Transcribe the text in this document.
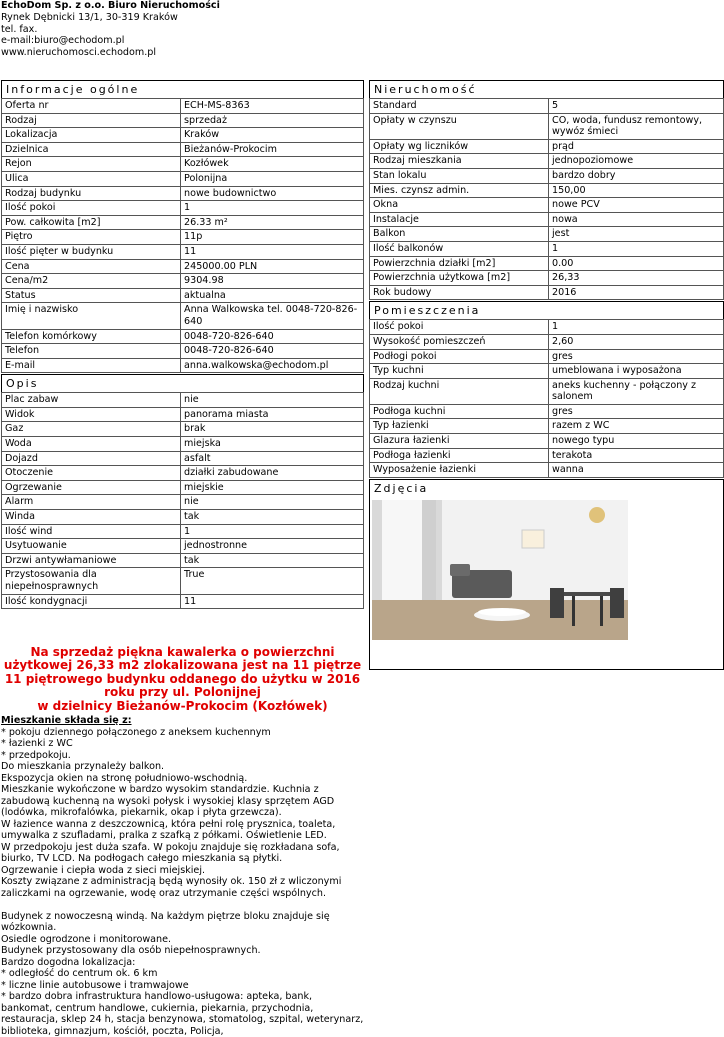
EchoDom Sp. z o.o. Biuro Nieruchomości
Rynek Dębnicki 13/1, 30-319 Kraków
tel. fax.
e-mail:biuro@echodom.pl
www.nieruchomosci.echodom.pl
Informacje ogólne
Oferta nr	ECH-MS-8363
Rodzaj	sprzedaż
Lokalizacja	Kraków
Dzielnica	Bieżanów-Prokocim
Rejon	Kozłówek
Ulica	Polonijna
Rodzaj budynku	nowe budownictwo
Ilość pokoi	1
Pow. całkowita [m2]	26.33 m²
Piętro	11p
Ilość pięter w budynku	11
Cena	245000.00 PLN
Cena/m2	9304.98
Status	aktualna
Imię i nazwisko	Anna Walkowska tel. 0048-720-826-640
Telefon komórkowy	0048-720-826-640
Telefon	0048-720-826-640
E-mail	anna.walkowska@echodom.pl
Opis
Plac zabaw	nie
Widok	panorama miasta
Gaz	brak
Woda	miejska
Dojazd	asfalt
Otoczenie	działki zabudowane
Ogrzewanie	miejskie
Alarm	nie
Winda	tak
Ilość wind	1
Usytuowanie	jednostronne
Drzwi antywłamaniowe	tak
Przystosowania dla niepełnosprawnych	True
Ilość kondygnacji	11
Nieruchomość
Standard	5
Opłaty w czynszu	CO, woda, fundusz remontowy, wywóz śmieci
Opłaty wg liczników	prąd
Rodzaj mieszkania	jednopoziomowe
Stan lokalu	bardzo dobry
Mies. czynsz admin.	150,00
Okna	nowe PCV
Instalacje	nowa
Balkon	jest
Ilość balkonów	1
Powierzchnia działki [m2]	0.00
Powierzchnia użytkowa [m2]	26,33
Rok budowy	2016
Pomieszczenia
Ilość pokoi	1
Wysokość pomieszczeń	2,60
Podłogi pokoi	gres
Typ kuchni	umeblowana i wyposażona
Rodzaj kuchni	aneks kuchenny - połączony z salonem
Podłoga kuchni	gres
Typ łazienki	razem z WC
Glazura łazienki	nowego typu
Podłoga łazienki	terakota
Wyposażenie łazienki	wanna
Zdjęcia
Na sprzedaż piękna kawalerka o powierzchni użytkowej 26,33 m2 zlokalizowana jest na 11 piętrze 11 piętrowego budynku oddanego do użytku w 2016 roku przy ul. Polonijnej
w dzielnicy Bieżanów-Prokocim (Kozłówek)
Mieszkanie składa się z:
* pokoju dziennego połączonego z aneksem kuchennym
* łazienki z WC
* przedpokoju.
Do mieszkania przynależy balkon.
Ekspozycja okien na stronę południowo-wschodnią.
Mieszkanie wykończone w bardzo wysokim standardzie. Kuchnia z zabudową kuchenną na wysoki połysk i wysokiej klasy sprzętem AGD (lodówka, mikrofalówka, piekarnik, okap i płyta grzewcza).
W łazience wanna z deszczownicą, która pełni rolę prysznica, toaleta,  umywalka z szufladami, pralka z szafką z półkami. Oświetlenie LED.
W przedpokoju jest duża szafa. W pokoju znajduje się rozkładana sofa, biurko, TV LCD. Na podłogach całego mieszkania są płytki.
Ogrzewanie i ciepła woda z sieci miejskiej.
Koszty związane z administracją będą wynosiły ok. 150 zł z wliczonymi zaliczkami na ogrzewanie, wodę oraz utrzymanie części wspólnych.

Budynek z nowoczesną windą. Na każdym piętrze bloku znajduje się wózkownia.
Osiedle ogrodzone i monitorowane.
Budynek przystosowany dla osób niepełnosprawnych.
Bardzo dogodna lokalizacja:
* odległość do centrum ok. 6 km
* liczne linie autobusowe i tramwajowe
* bardzo dobra infrastruktura handlowo-usługowa: apteka, bank, bankomat, centrum handlowe, cukiernia, piekarnia, przychodnia, restauracja, sklep 24 h, stacja benzynowa, stomatolog, szpital, weterynarz,  biblioteka, gimnazjum, kościół, poczta, Policja,
